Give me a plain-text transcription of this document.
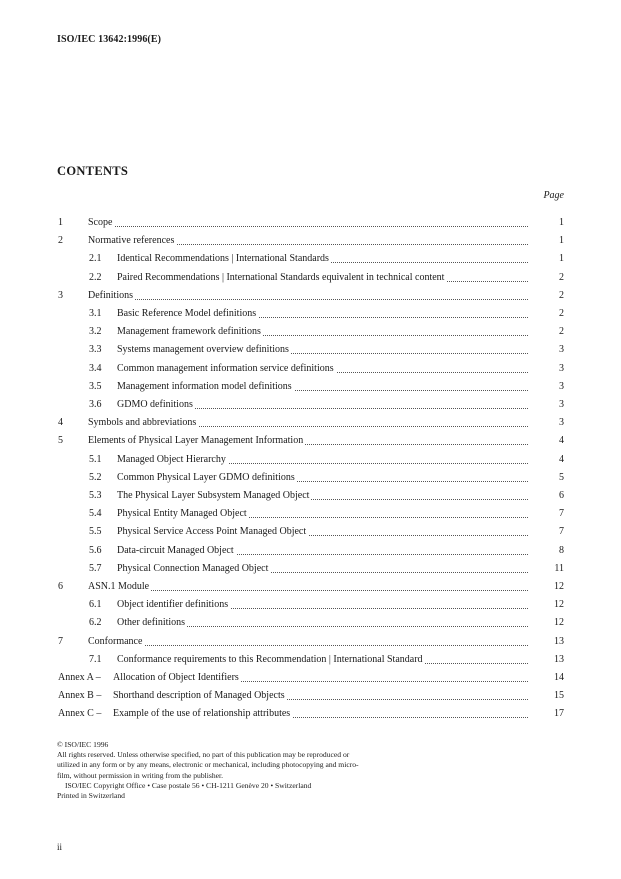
ISO/IEC 13642:1996(E)
CONTENTS
Page
1	Scope	1
2	Normative references	1
2.1 Identical Recommendations | International Standards	1
2.2 Paired Recommendations | International Standards equivalent in technical content	2
3	Definitions	2
3.1 Basic Reference Model definitions	2
3.2 Management framework definitions	2
3.3 Systems management overview definitions	3
3.4 Common management information service definitions	3
3.5 Management information model definitions	3
3.6 GDMO definitions	3
4	Symbols and abbreviations	3
5	Elements of Physical Layer Management Information	4
5.1 Managed Object Hierarchy	4
5.2 Common Physical Layer GDMO definitions	5
5.3 The Physical Layer Subsystem Managed Object	6
5.4 Physical Entity Managed Object	7
5.5 Physical Service Access Point Managed Object	7
5.6 Data-circuit Managed Object	8
5.7 Physical Connection Managed Object	11
6	ASN.1 Module	12
6.1 Object identifier definitions	12
6.2 Other definitions	12
7	Conformance	13
7.1 Conformance requirements to this Recommendation | International Standard	13
Annex A – Allocation of Object Identifiers	14
Annex B – Shorthand description of Managed Objects	15
Annex C – Example of the use of relationship attributes	17
© ISO/IEC 1996
All rights reserved. Unless otherwise specified, no part of this publication may be reproduced or
utilized in any form or by any means, electronic or mechanical, including photocopying and micro-
film, without permission in writing from the publisher.
ISO/IEC Copyright Office • Case postale 56 • CH-1211 Genève 20 • Switzerland
Printed in Switzerland
ii
